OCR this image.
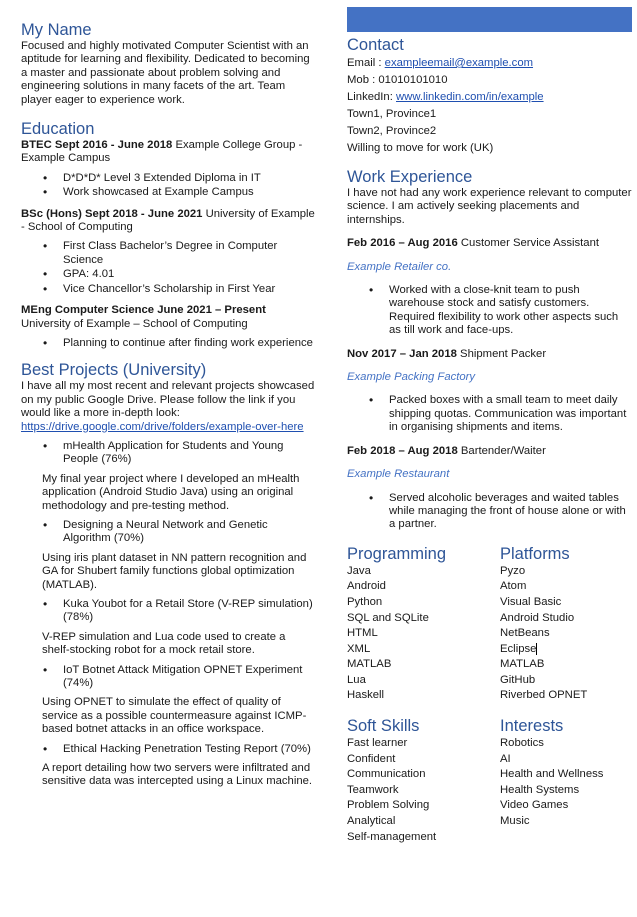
My Name

Focused and highly motivated Computer Scientist with an aptitude for learning and flexibility. Dedicated to becoming a master and passionate about problem solving and engineering solutions in many facets of the art. Team player eager to experience work.

Education

BTEC Sept 2016 - June 2018 Example College Group - Example Campus

• D*D*D* Level 3 Extended Diploma in IT
• Work showcased at Example Campus

BSc (Hons) Sept 2018 - June 2021 University of Example - School of Computing

• First Class Bachelor’s Degree in Computer Science
• GPA: 4.01
• Vice Chancellor’s Scholarship in First Year

MEng Computer Science June 2021 – Present

University of Example – School of Computing

• Planning to continue after finding work experience
Best Projects (University)

I have all my most recent and relevant projects showcased on my public Google Drive. Please follow the link if you would like a more in-depth look:

https://drive.google.com/drive/folders/example-over-here

• mHealth Application for Students and Young People (76%)

My final year project where I developed an mHealth application (Android Studio Java) using an original methodology and pre-testing method.

• Designing a Neural Network and Genetic Algorithm (70%)

Using iris plant dataset in NN pattern recognition and GA for Shubert family functions global optimization (MATLAB).

• Kuka Youbot for a Retail Store (V-REP simulation) (78%)

V-REP simulation and Lua code used to create a shelf-stocking robot for a mock retail store.

• IoT Botnet Attack Mitigation OPNET Experiment (74%)

Using OPNET to simulate the effect of quality of service as a possible countermeasure against ICMP-based botnet attacks in an office workspace.

• Ethical Hacking Penetration Testing Report (70%)

A report detailing how two servers were infiltrated and sensitive data was intercepted using a Linux machine.

Contact

Email : exampleemail@example.com

Mob : 01010101010

LinkedIn: www.linkedin.com/in/example

Town1, Province1

Town2, Province2

Willing to move for work (UK)

Work Experience

I have not had any work experience relevant to computer science. I am actively seeking placements and internships.

Feb 2016 – Aug 2016 Customer Service Assistant

Example Retailer co.

• Worked with a close-knit team to push warehouse stock and satisfy customers. Required flexibility to work other aspects such as till work and face-ups.

Nov 2017 – Jan 2018 Shipment Packer

Example Packing Factory

• Packed boxes with a small team to meet daily shipping quotas. Communication was important in organising shipments and items.

Feb 2018 – Aug 2018 Bartender/Waiter

Example Restaurant

• Served alcoholic beverages and waited tables while managing the front of house alone or with a partner.
Programming
Java
Android
Python
SQL and SQLite
HTML
XML
MATLAB
Lua
Haskell
Platforms
Pyzo
Atom
Visual Basic
Android Studio
NetBeans
Eclipse
MATLAB
GitHub
Riverbed OPNET
Soft Skills
Fast learner
Confident
Communication
Teamwork
Problem Solving
Analytical
Self-management
Interests
Robotics
AI
Health and Wellness
Health Systems
Video Games
Music
